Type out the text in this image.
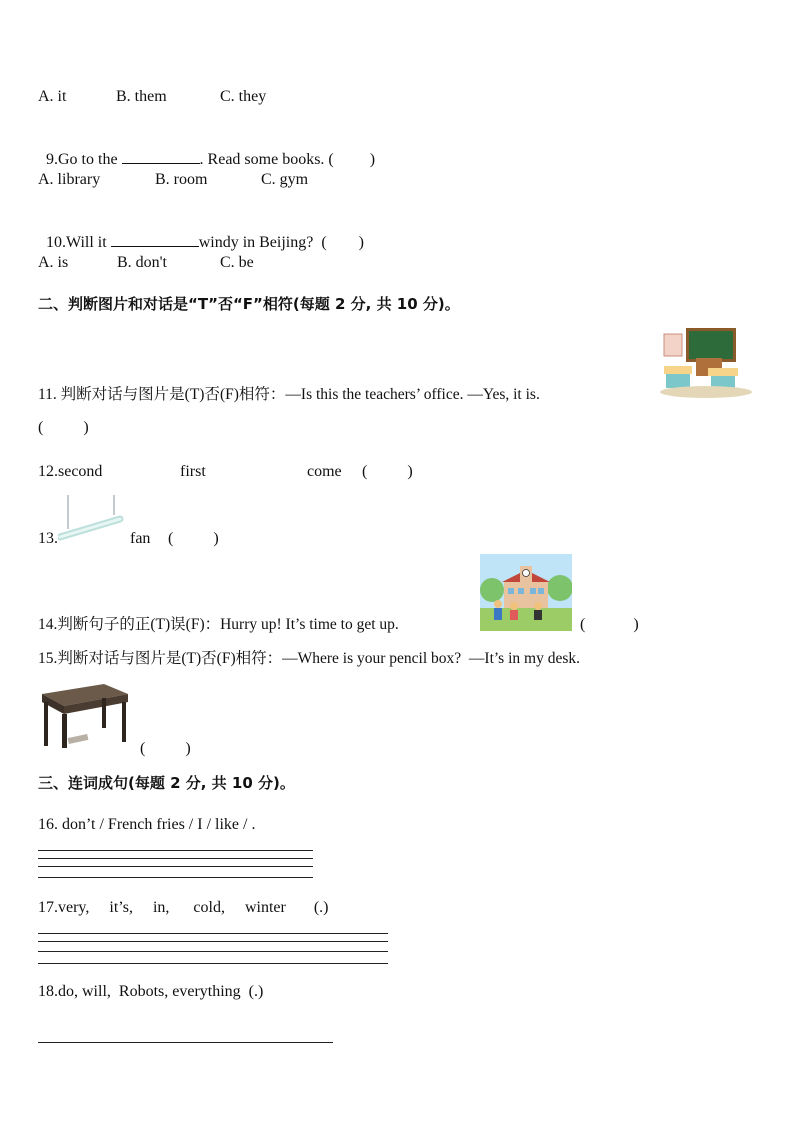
A. it	B. them	C. they

9.Go to the	. Read some books. ( )

A. library	B. room	C. gym

10.Will it	windy in Beijing?  ( )

A. is	B. don't	C. be
二、判断图片和对话是“T”否“F”相符(每题 2 分, 共 10 分)。
11. 判断对话与图片是(T)否(F)相符：—Is this the teachers’ office. —Yes, it is.
(          )
12.second	first	come (          )
13.	fan (          )
14.判断句子的正(T)误(F)：Hurry up! It’s time to get up.	(            )
15.判断对话与图片是(T)否(F)相符：—Where is your pencil box?  —It’s in my desk.
(          )
三、连词成句(每题 2 分, 共 10 分)。
16. don’t / French fries / I / like / .
17.very,     it’s,     in,      cold,     winter       (.)
18.do, will,  Robots, everything  (.)
